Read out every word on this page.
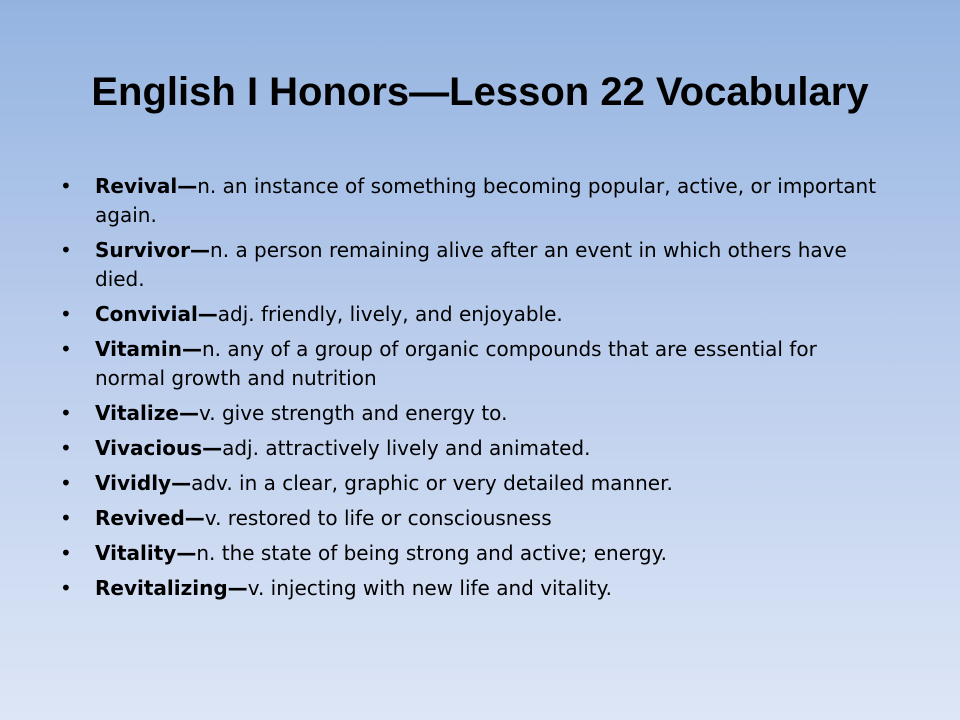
English I Honors—Lesson 22 Vocabulary
• Revival—n. an instance of something becoming popular, active, or important again.
• Survivor—n. a person remaining alive after an event in which others have died.
• Convivial—adj. friendly, lively, and enjoyable.
• Vitamin—n. any of a group of organic compounds that are essential for normal growth and nutrition
• Vitalize—v. give strength and energy to.
• Vivacious—adj. attractively lively and animated.
• Vividly—adv. in a clear, graphic or very detailed manner.
• Revived—v. restored to life or consciousness
• Vitality—n. the state of being strong and active; energy.
• Revitalizing—v. injecting with new life and vitality.
